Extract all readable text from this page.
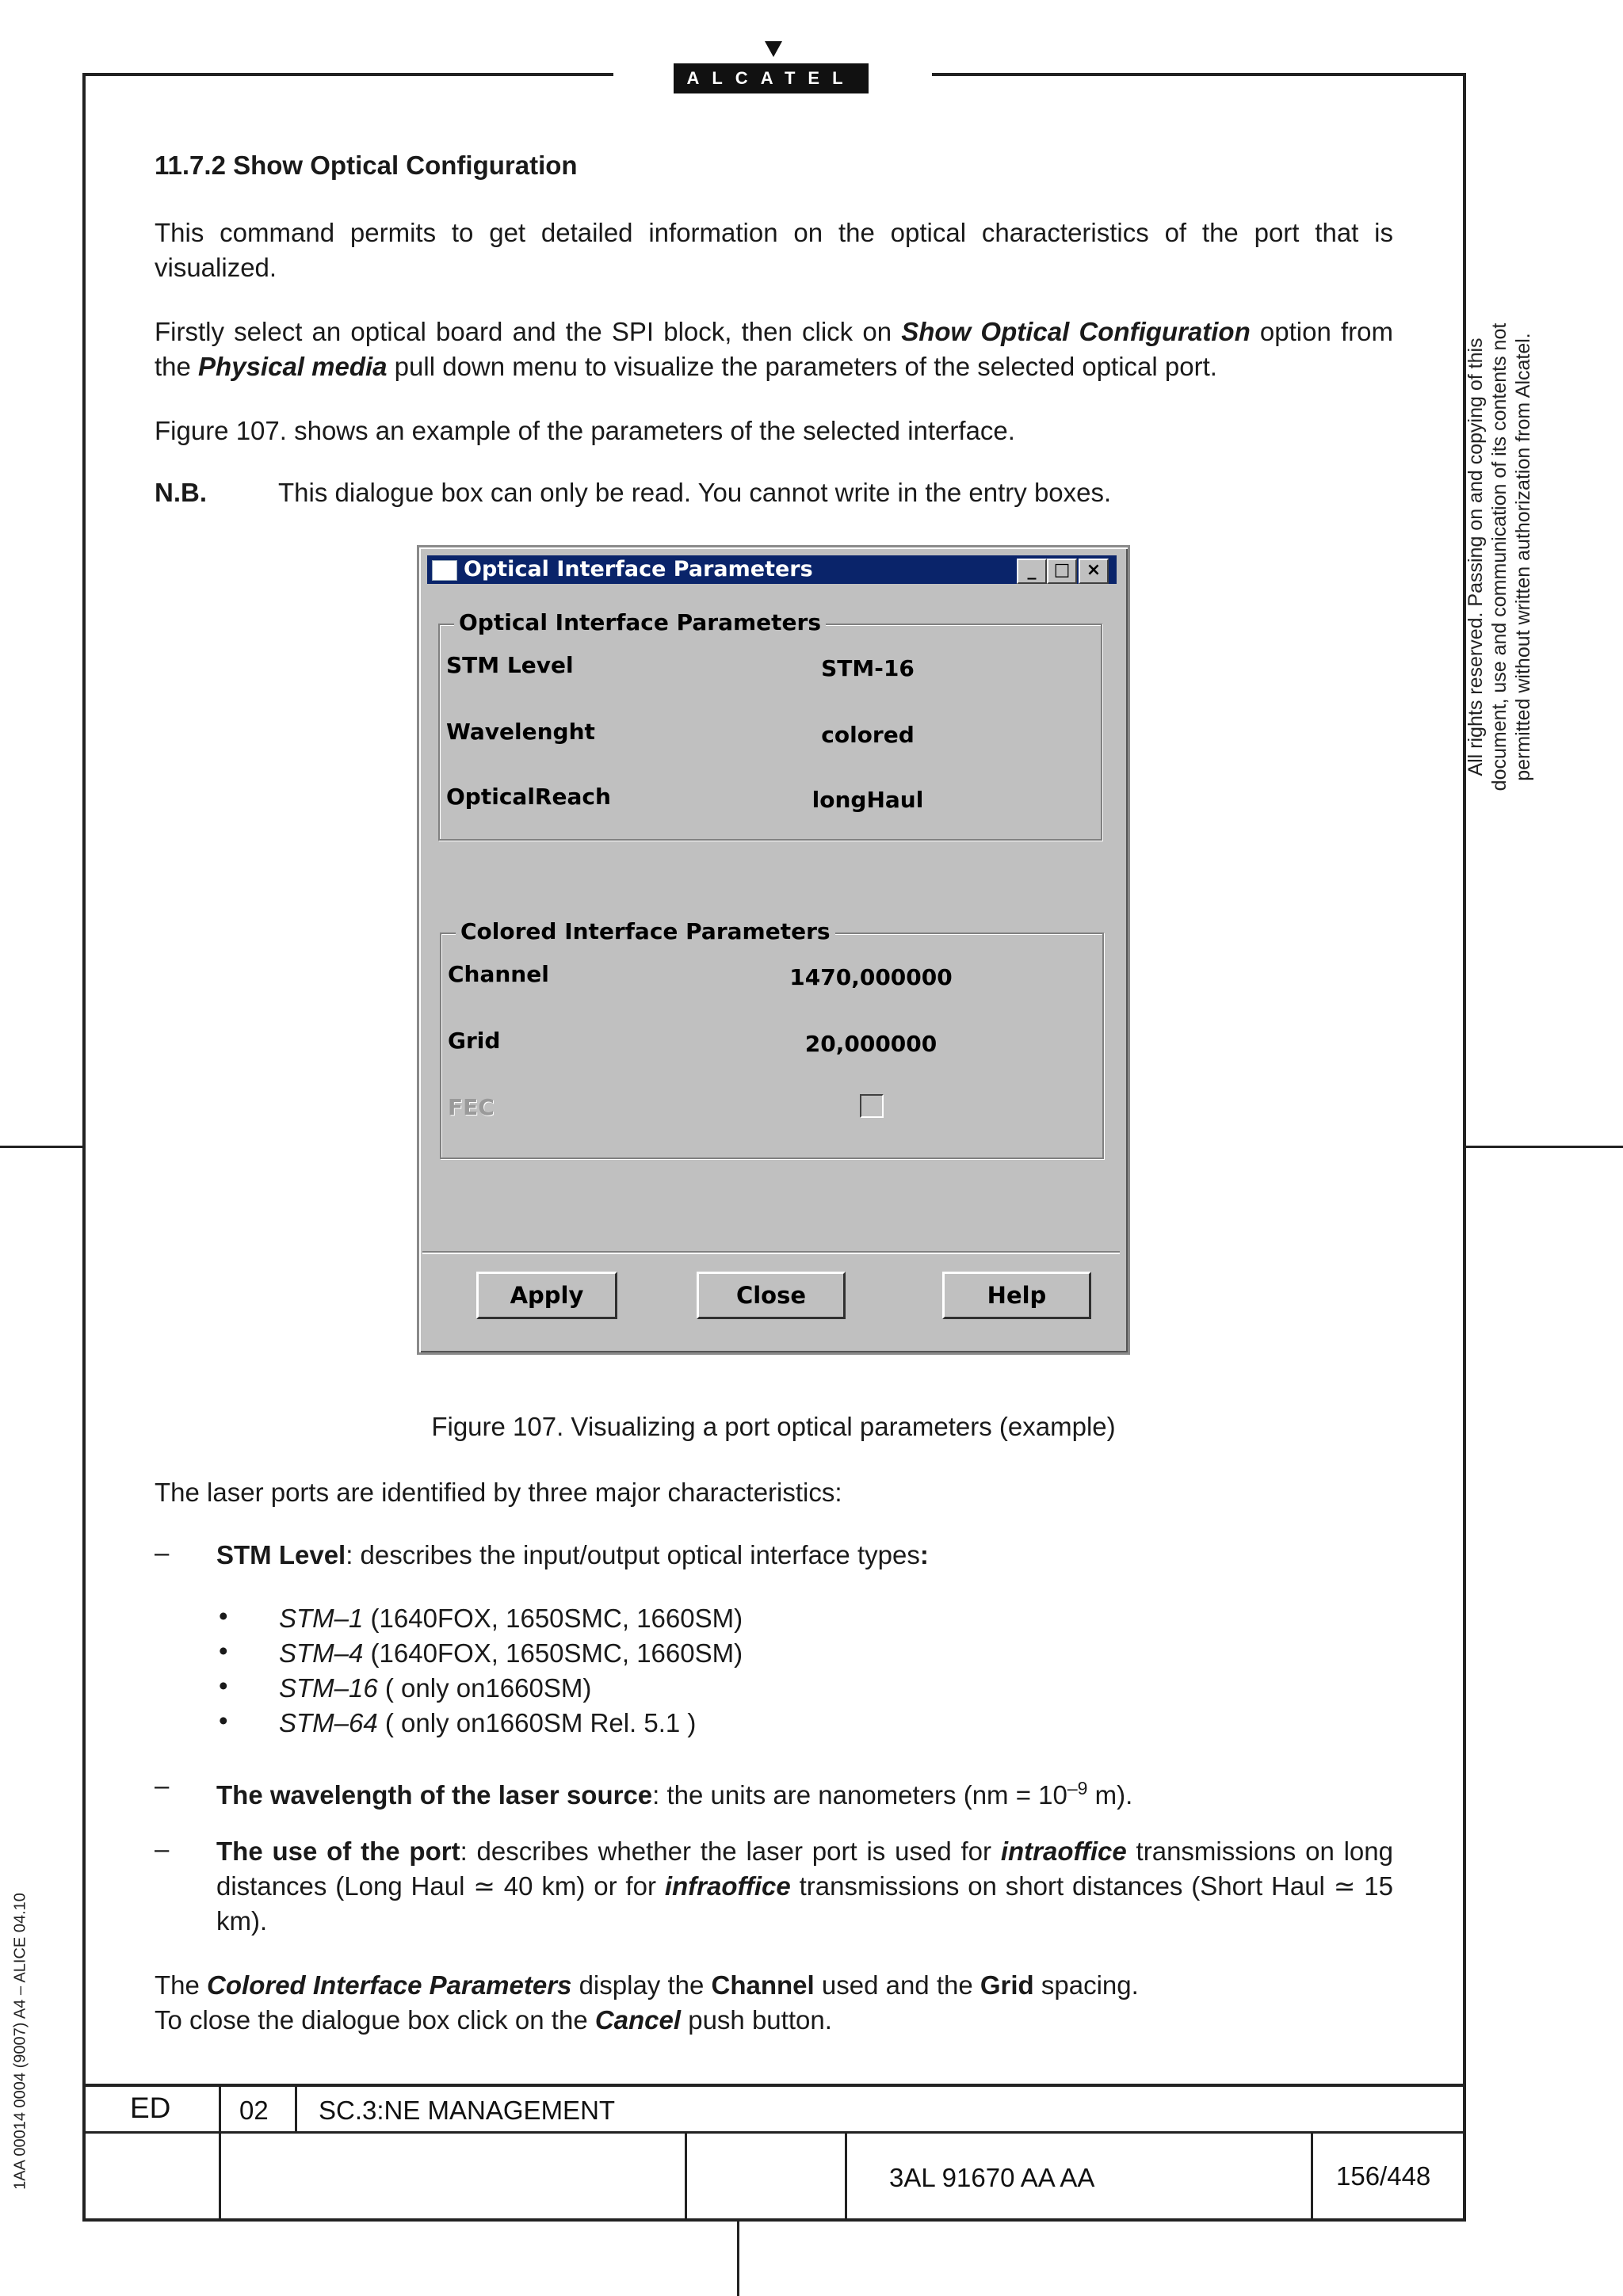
ALCATEL
11.7.2 Show Optical Configuration
This command permits to get detailed information on the optical characteristics of the port that is visualized.
Firstly select an optical board and the SPI block, then click on Show Optical Configuration option from the Physical media pull down menu to visualize the parameters of the selected optical port.
Figure 107. shows an example of the parameters of the selected interface.
N.B.	This dialogue box can only be read. You cannot write in the entry boxes.
Optical Interface Parameters	_	□ ×
Optical Interface Parameters
STM Level	STM-16
Wavelenght	colored
OpticalReach	longHaul
Colored Interface Parameters
Channel	1470,000000
Grid	20,000000
FEC
Apply	Close	Help
Figure 107. Visualizing a port optical parameters (example)
The laser ports are identified by three major characteristics:
– STM Level: describes the input/output optical interface types:
• STM–1 (1640FOX, 1650SMC, 1660SM)
• STM–4 (1640FOX, 1650SMC, 1660SM)
• STM–16 ( only on1660SM)
• STM–64 ( only on1660SM Rel. 5.1 )
– The wavelength of the laser source: the units are nanometers ($nm = 10^{-9}$ m).
– The use of the port: describes whether the laser port is used for intraoffice transmissions on long distances (Long Haul ≃ 40 km) or for infraoffice transmissions on short distances (Short Haul ≃ 15 km).
The Colored Interface Parameters display the Channel used and the Grid spacing.
To close the dialogue box click on the Cancel push button.
All rights reserved. Passing on and copying of this document, use and communication of its contents not permitted without written authorization from Alcatel.
1AA 00014 0004 (9007) A4 – ALICE 04.10	ED	02 SC.3:NE MANAGEMENT
3AL 91670 AA AA	156/448
